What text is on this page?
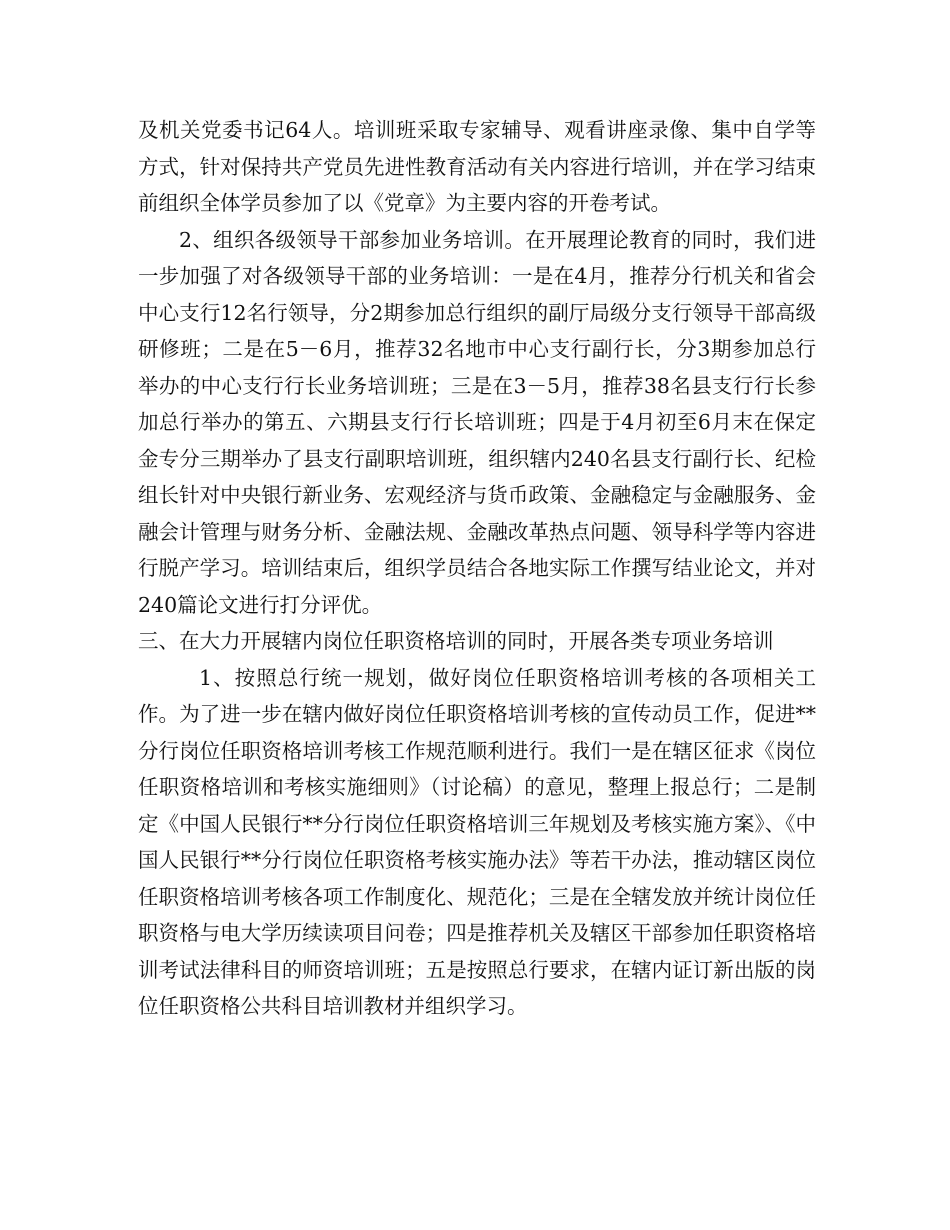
及机关党委书记64人。培训班采取专家辅导、观看讲座录像、集中自学等方式，针对保持共产党员先进性教育活动有关内容进行培训，并在学习结束前组织全体学员参加了以《党章》为主要内容的开卷考试。

2、组织各级领导干部参加业务培训。在开展理论教育的同时，我们进一步加强了对各级领导干部的业务培训：一是在4月，推荐分行机关和省会中心支行12名行领导，分2期参加总行组织的副厅局级分支行领导干部高级研修班；二是在5－6月，推荐32名地市中心支行副行长，分3期参加总行举办的中心支行行长业务培训班；三是在3－5月，推荐38名县支行行长参加总行举办的第五、六期县支行行长培训班；四是于4月初至6月末在保定金专分三期举办了县支行副职培训班，组织辖内240名县支行副行长、纪检组长针对中央银行新业务、宏观经济与货币政策、金融稳定与金融服务、金融会计管理与财务分析、金融法规、金融改革热点问题、领导科学等内容进行脱产学习。培训结束后，组织学员结合各地实际工作撰写结业论文，并对240篇论文进行打分评优。

三、在大力开展辖内岗位任职资格培训的同时，开展各类专项业务培训

1、按照总行统一规划，做好岗位任职资格培训考核的各项相关工作。为了进一步在辖内做好岗位任职资格培训考核的宣传动员工作，促进**分行岗位任职资格培训考核工作规范顺利进行。我们一是在辖区征求《岗位任职资格培训和考核实施细则》（讨论稿）的意见，整理上报总行；二是制定《中国人民银行**分行岗位任职资格培训三年规划及考核实施方案》、《中国人民银行**分行岗位任职资格考核实施办法》等若干办法，推动辖区岗位任职资格培训考核各项工作制度化、规范化；三是在全辖发放并统计岗位任职资格与电大学历续读项目问卷；四是推荐机关及辖区干部参加任职资格培训考试法律科目的师资培训班；五是按照总行要求，在辖内证订新出版的岗位任职资格公共科目培训教材并组织学习。
